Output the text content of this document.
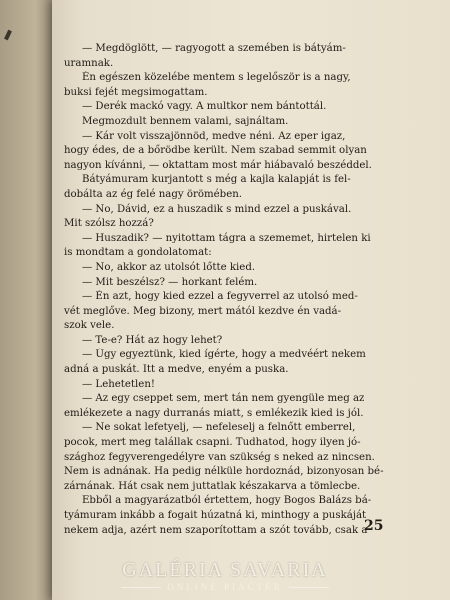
— Megdöglött, — ragyogott a szemében is bátyám-
uramnak.
Én egészen közelébe mentem s legelőször is a nagy,
buksi fejét megsimogattam.
— Derék mackó vagy. A multkor nem bántottál.
Megmozdult bennem valami, sajnáltam.
— Kár volt visszajönnöd, medve néni. Az eper igaz,
hogy édes, de a bőrödbe került. Nem szabad semmit olyan
nagyon kívánni, — oktattam most már hiábavaló beszéddel.
Bátyámuram kurjantott s még a kajla kalapját is fel-
dobálta az ég felé nagy örömében.
— No, Dávid, ez a huszadik s mind ezzel a puskával.
Mit szólsz hozzá?
— Huszadik? — nyitottam tágra a szememet, hirtelen ki
is mondtam a gondolatomat:
— No, akkor az utolsót lőtte kied.
— Mit beszélsz? — horkant felém.
— Én azt, hogy kied ezzel a fegyverrel az utolsó med-
vét meglőve. Meg bizony, mert mától kezdve én vadá-
szok vele.
— Te-e? Hát az hogy lehet?
— Úgy egyeztünk, kied ígérte, hogy a medvéért nekem
adná a puskát. Itt a medve, enyém a puska.
— Lehetetlen!
— Az egy cseppet sem, mert tán nem gyengüle meg az
emlékezete a nagy durranás miatt, s emlékezik kied is jól.
— Ne sokat lefetyelj, — nefeleselj a felnőtt emberrel,
pocok, mert meg talállak csapni. Tudhatod, hogy ilyen jó-
szághoz fegyverengedélyre van szükség s neked az nincsen.
Nem is adnának. Ha pedig nélküle hordoznád, bizonyosan bé-
zárnának. Hát csak nem juttatlak készakarva a tömlecbe.
Ebből a magyarázatból értettem, hogy Bogos Balázs bá-
tyámuram inkább a fogait húzatná ki, minthogy a puskáját
nekem adja, azért nem szaporítottam a szót tovább, csak a
25
GALÉRIA SAVARIA
ONLINE PIACTÉR
